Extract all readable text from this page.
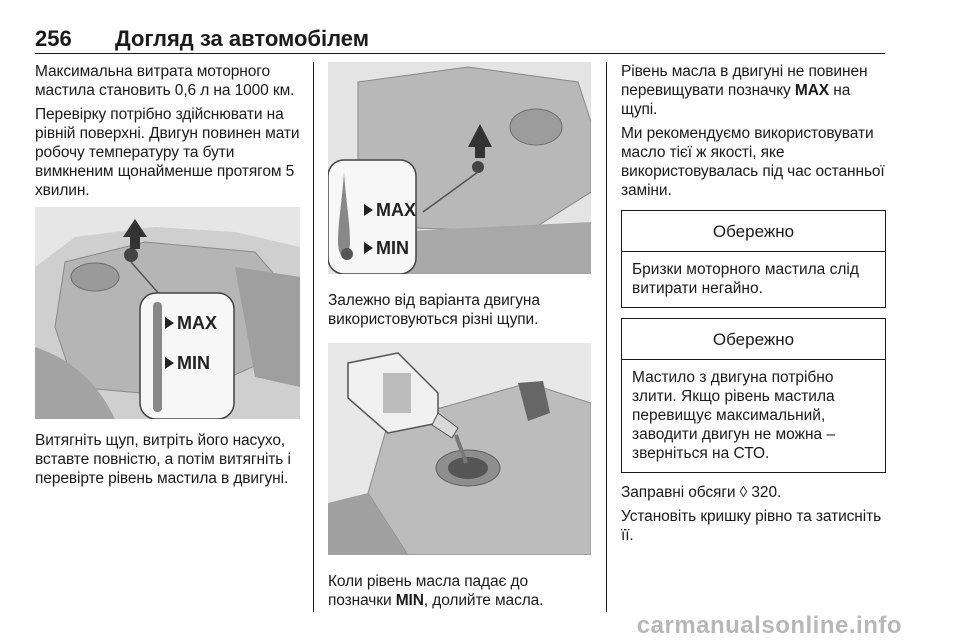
256 Догляд за автомобілем

Максимальна витрата моторного мастила становить 0,6 л на 1000 км.

Перевірку потрібно здійснювати на рівній поверхні. Двигун повинен мати робочу температуру та бути вимкненим щонайменше протягом 5 хвилин.

MAX
MIN

Витягніть щуп, витріть його насухо, вставте повністю, а потім витягніть і перевірте рівень мастила в двигуні.

MAX
MIN

Залежно від варіанта двигуна використовуються різні щупи.

Коли рівень масла падає до позначки MIN, долийте масла.

Рівень масла в двигуні не повинен перевищувати позначку MAX на щупі.

Ми рекомендуємо використовувати масло тієї ж якості, яке використовувалась під час останньої заміни.

Обережно
Бризки моторного мастила слід витирати негайно.
Обережно
Мастило з двигуна потрібно злити. Якщо рівень мастила перевищує максимальний, заводити двигун не можна – зверніться на СТО.

Заправні обсяги ◊ 320.

Установіть кришку рівно та затисніть її.

carmanualsonline.info
